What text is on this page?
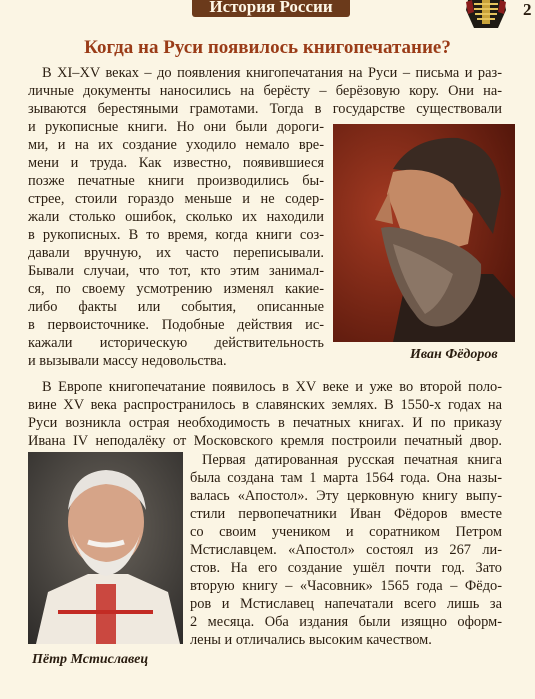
История России	2
Когда на Руси появилось книгопечатание?
В XI–XV веках – до появления книгопечатания на Руси – письма и раз-
личные документы наносились на берёсту – берёзовую кору. Они на-
зываются берестяными грамотами. Тогда в государстве существовали
и рукописные книги. Но они были дороги-
ми, и на их создание уходило немало вре-
мени и труда. Как известно, появившиеся
позже печатные книги производились бы-
стрее, стоили гораздо меньше и не содер-
жали столько ошибок, сколько их находили
в рукописных. В то время, когда книги соз-
давали вручную, их часто переписывали.
Бывали случаи, что тот, кто этим занимал-
ся, по своему усмотрению изменял какие-
либо факты или события, описанные
в первоисточнике. Подобные действия ис-
кажали историческую действительность
и вызывали массу недовольства.	Иван Фёдоров
В Европе книгопечатание появилось в XV веке и уже во второй поло-
вине XV века распространилось в славянских землях. В 1550-х годах на
Руси возникла острая необходимость в печатных книгах. И по приказу
Ивана IV неподалёку от Московского кремля построили печатный двор.
Пётр Мстиславец
Первая датированная русская печатная книга
была создана там 1 марта 1564 года. Она назы-
валась «Апостол». Эту церковную книгу выпу-
стили первопечатники Иван Фёдоров вместе
со своим учеником и соратником Петром
Мстиславцем. «Апостол» состоял из 267 ли-
стов. На его создание ушёл почти год. Зато
вторую книгу – «Часовник» 1565 года – Фёдо-
ров и Мстиславец напечатали всего лишь за
2 месяца. Оба издания были изящно оформ-
лены и отличались высоким качеством.
